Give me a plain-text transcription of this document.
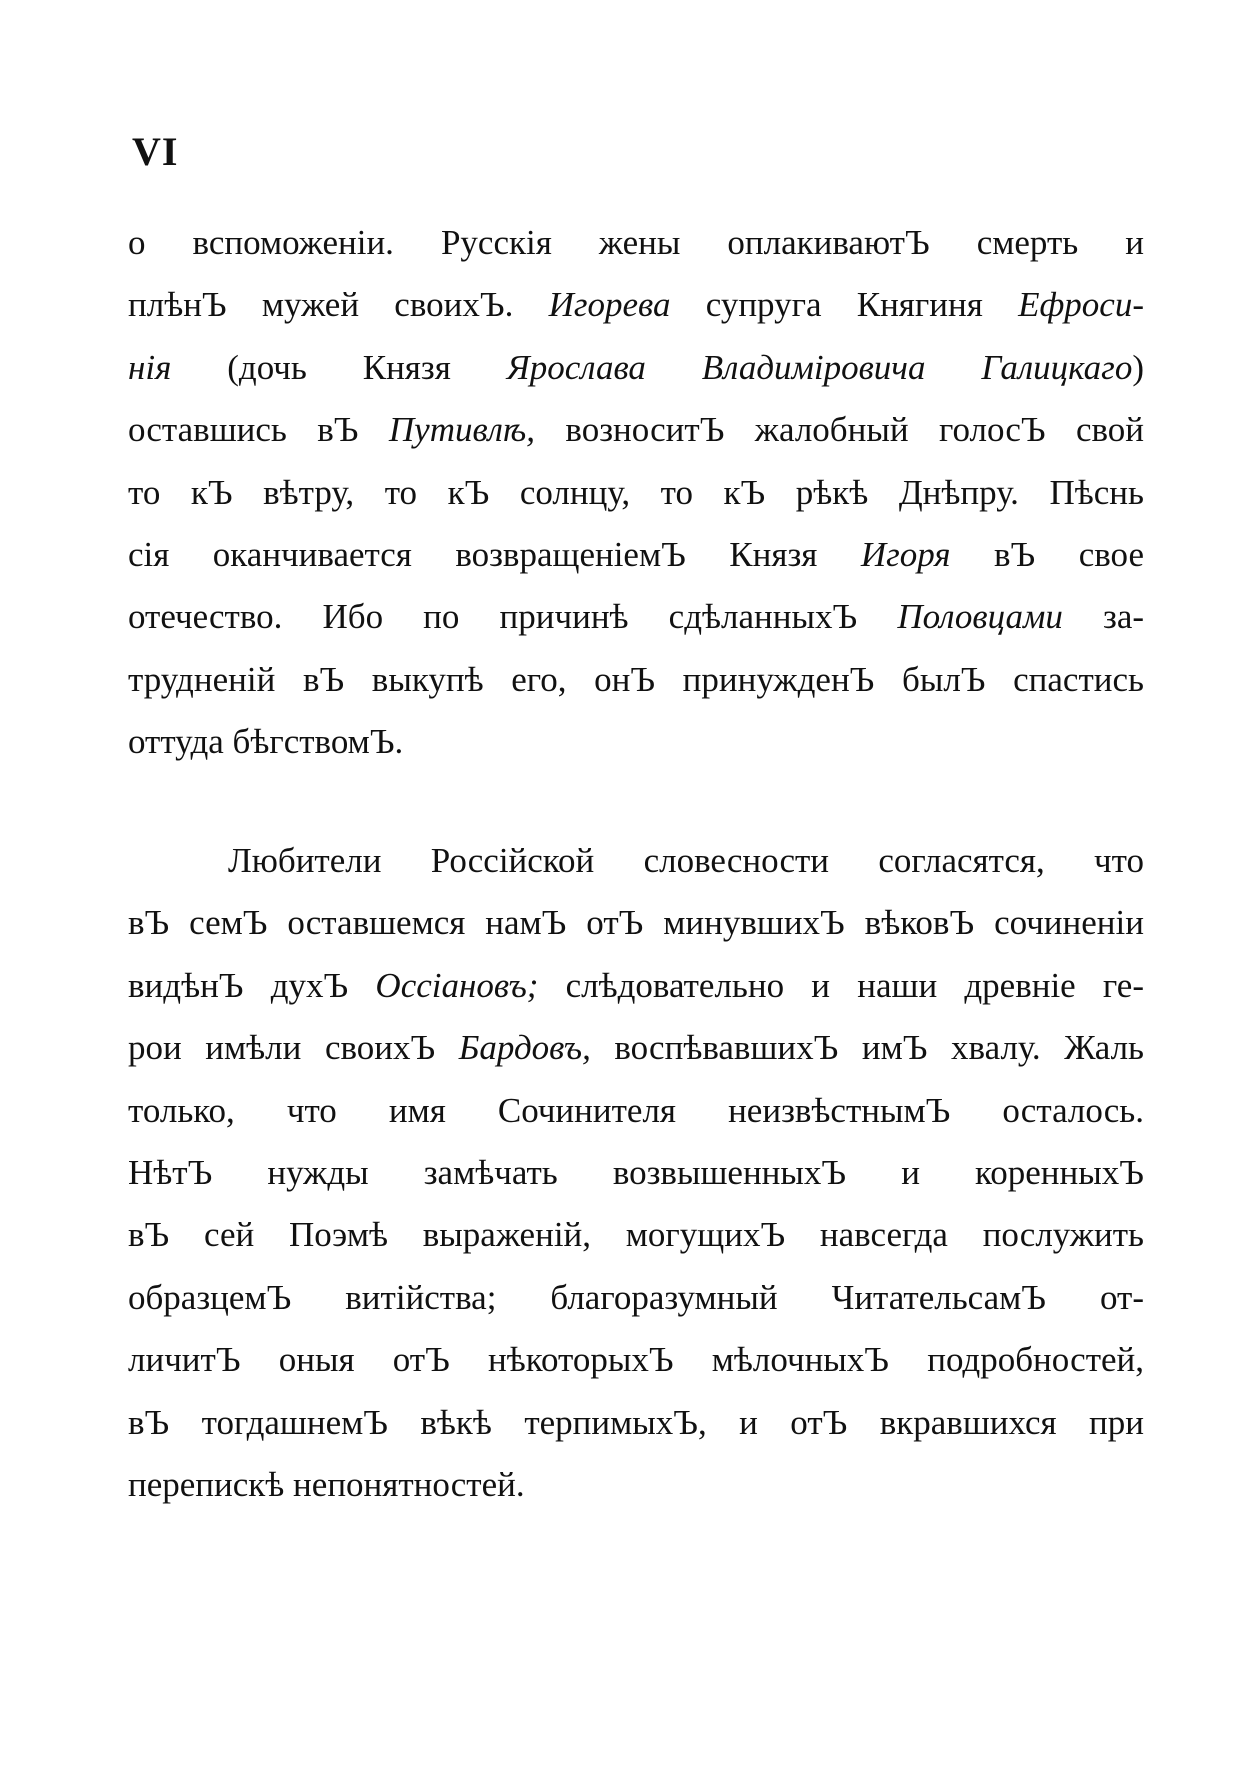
VI
о вспоможеніи. Русскія жены оплакиваютЪ смерть и
плѣнЪ мужей своихЪ. Игорева супруга Княгиня Ефроси-
нія (дочь Князя Ярослава Владиміровича Галицкаго)
оставшись вЪ Путивлѣ, возноситЪ жалобный голосЪ свой
то кЪ вѣтру, то кЪ солнцу, то кЪ рѣкѣ Днѣпру. Пѣснь
сія оканчивается возвращеніемЪ Князя Игоря вЪ свое
отечество. Ибо по причинѣ сдѣланныхЪ Половцами за-
трудненій вЪ выкупѣ его, онЪ принужденЪ былЪ спастись
оттуда бѣгствомЪ.
Любители Россійской словесности согласятся, что
вЪ семЪ оставшемся намЪ отЪ минувшихЪ вѣковЪ сочиненіи
видѣнЪ духЪ Оссіановъ; слѣдовательно и наши древніе ге-
рои имѣли своихЪ Бардовъ, воспѣвавшихЪ имЪ хвалу. Жаль
только, что имя Сочинителя неизвѣстнымЪ осталось.
НѣтЪ нужды замѣчать возвышенныхЪ и коренныхЪ
вЪ сей Поэмѣ выраженій, могущихЪ навсегда послужить
образцемЪ витійства; благоразумный ЧитательсамЪ от-
личитЪ оныя отЪ нѣкоторыхЪ мѣлочныхЪ подробностей,
вЪ тогдашнемЪ вѣкѣ терпимыхЪ, и отЪ вкравшихся при
перепискѣ непонятностей.
